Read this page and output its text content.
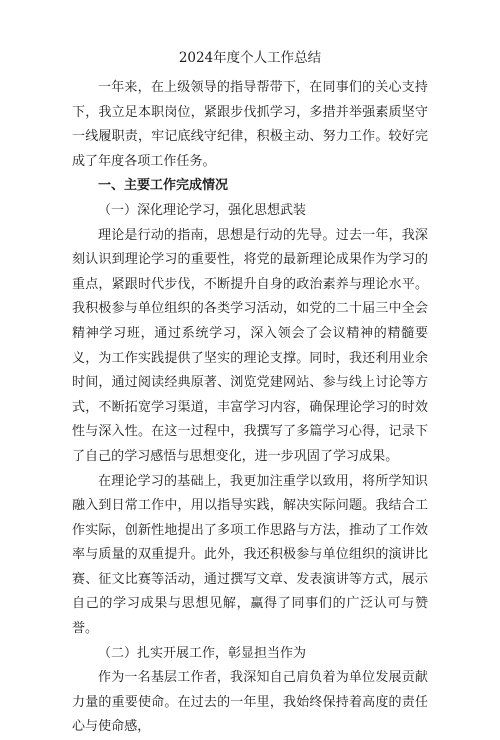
2024年度个人工作总结

一年来，在上级领导的指导帮带下，在同事们的关心支持下，我立足本职岗位，紧跟步伐抓学习，多措并举强素质坚守一线履职责，牢记底线守纪律，积极主动、努力工作。较好完成了年度各项工作任务。

一、主要工作完成情况

（一）深化理论学习，强化思想武装

理论是行动的指南，思想是行动的先导。过去一年，我深刻认识到理论学习的重要性，将党的最新理论成果作为学习的重点，紧跟时代步伐，不断提升自身的政治素养与理论水平。我积极参与单位组织的各类学习活动，如党的二十届三中全会精神学习班，通过系统学习，深入领会了会议精神的精髓要义，为工作实践提供了坚实的理论支撑。同时，我还利用业余时间，通过阅读经典原著、浏览党建网站、参与线上讨论等方式，不断拓宽学习渠道，丰富学习内容，确保理论学习的时效性与深入性。在这一过程中，我撰写了多篇学习心得，记录下了自己的学习感悟与思想变化，进一步巩固了学习成果。

在理论学习的基础上，我更加注重学以致用，将所学知识融入到日常工作中，用以指导实践，解决实际问题。我结合工作实际，创新性地提出了多项工作思路与方法，推动了工作效率与质量的双重提升。此外，我还积极参与单位组织的演讲比赛、征文比赛等活动，通过撰写文章、发表演讲等方式，展示自己的学习成果与思想见解，赢得了同事们的广泛认可与赞誉。

（二）扎实开展工作，彰显担当作为

作为一名基层工作者，我深知自己肩负着为单位发展贡献力量的重要使命。在过去的一年里，我始终保持着高度的责任心与使命感，
